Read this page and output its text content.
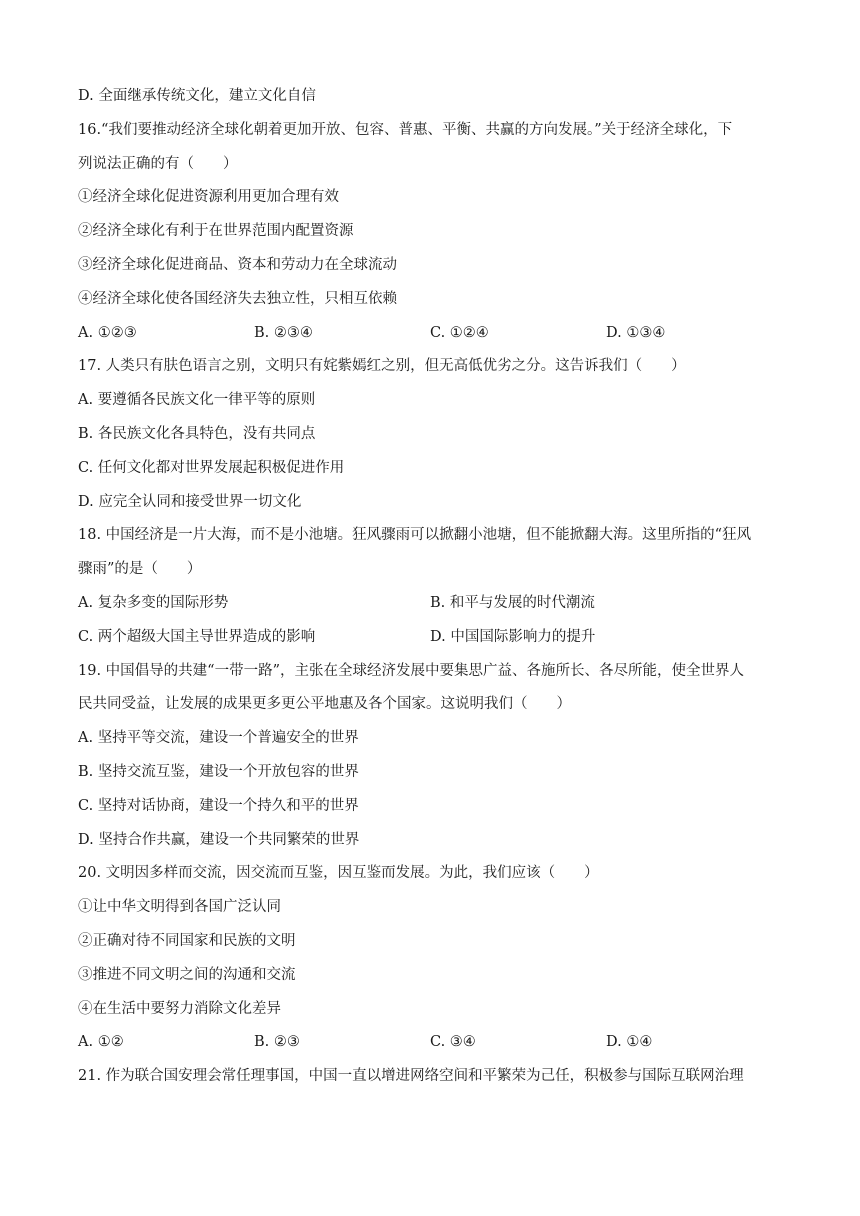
D. 全面继承传统文化，建立文化自信
16.“我们要推动经济全球化朝着更加开放、包容、普惠、平衡、共赢的方向发展。”关于经济全球化，下
列说法正确的有（　　）
①经济全球化促进资源利用更加合理有效
②经济全球化有利于在世界范围内配置资源
③经济全球化促进商品、资本和劳动力在全球流动
④经济全球化使各国经济失去独立性，只相互依赖
A. ①②③	B. ②③④	C. ①②④	D. ①③④
17. 人类只有肤色语言之别，文明只有姹紫嫣红之别，但无高低优劣之分。这告诉我们（　　）
A. 要遵循各民族文化一律平等的原则
B. 各民族文化各具特色，没有共同点
C. 任何文化都对世界发展起积极促进作用
D. 应完全认同和接受世界一切文化
18. 中国经济是一片大海，而不是小池塘。狂风骤雨可以掀翻小池塘，但不能掀翻大海。这里所指的“狂风
骤雨”的是（　　）
A. 复杂多变的国际形势	B. 和平与发展的时代潮流
C. 两个超级大国主导世界造成的影响	D. 中国国际影响力的提升
19. 中国倡导的共建“一带一路”，主张在全球经济发展中要集思广益、各施所长、各尽所能，使全世界人
民共同受益，让发展的成果更多更公平地惠及各个国家。这说明我们（　　）
A. 坚持平等交流，建设一个普遍安全的世界
B. 坚持交流互鉴，建设一个开放包容的世界
C. 坚持对话协商，建设一个持久和平的世界
D. 坚持合作共赢，建设一个共同繁荣的世界
20. 文明因多样而交流，因交流而互鉴，因互鉴而发展。为此，我们应该（　　）
①让中华文明得到各国广泛认同
②正确对待不同国家和民族的文明
③推进不同文明之间的沟通和交流
④在生活中要努力消除文化差异
A. ①②	B. ②③	C. ③④	D. ①④
21. 作为联合国安理会常任理事国，中国一直以增进网络空间和平繁荣为己任，积极参与国际互联网治理
